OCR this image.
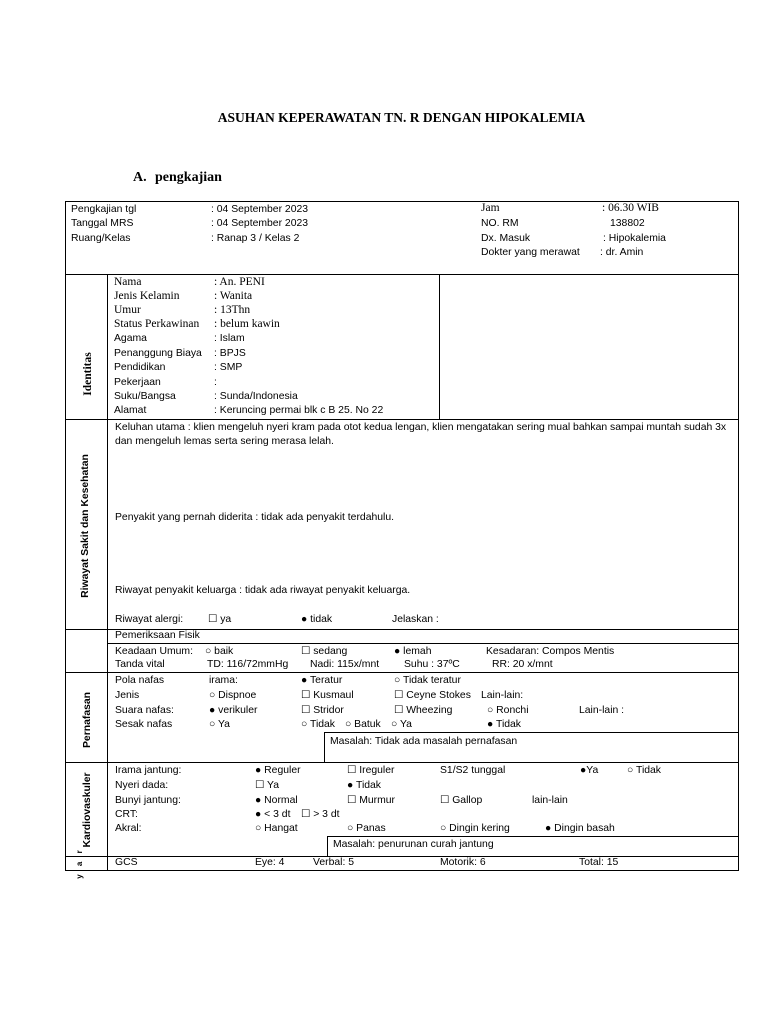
ASUHAN KEPERAWATAN TN. R DENGAN HIPOKALEMIA
A. pengkajian
Pengkajian tgl	: 04 September 2023
Tanggal MRS	: 04 September 2023
Ruang/Kelas	: Ranap 3 / Kelas 2
Jam	: 06.30 WIB
NO. RM	138802
Dx. Masuk	: Hipokalemia
Dokter yang merawat : dr. Amin
Identitas
Nama	: An. PENI
Jenis Kelamin	: Wanita
Umur	: 13Thn
Status Perkawinan : belum kawin
Agama	: Islam
Penanggung Biaya : BPJS
Pendidikan	: SMP
Pekerjaan	:
Suku/Bangsa	: Sunda/Indonesia
Alamat	: Keruncing permai blk c B 25. No 22
Riwayat Sakit dan Kesehatan
Keluhan utama : klien mengeluh nyeri kram pada otot kedua lengan, klien mengatakan sering mual bahkan sampai muntah sudah 3x dan mengeluh lemas serta sering merasa lelah.
Penyakit yang pernah diderita : tidak ada penyakit terdahulu.
Riwayat penyakit keluarga : tidak ada riwayat penyakit keluarga.
Riwayat alergi: ☐ ya	● tidak	Jelaskan :
Pemeriksaan Fisik
Keadaan Umum: ○ baik	☐ sedang	● lemah	Kesadaran: Compos Mentis
Tanda vital	TD: 116/72mmHg Nadi: 115x/mnt Suhu : 37ºC	RR: 20 x/mnt
Pernafasan
Pola nafas	irama:	● Teratur	○ Tidak teratur
Jenis	○ Dispnoe	☐ Kusmaul	☐ Ceyne Stokes Lain-lain:
Suara nafas:	● verikuler	☐ Stridor	☐ Wheezing	○ Ronchi	Lain-lain :
Sesak nafas	○ Ya	○ Tidak ○ Batuk ○ Ya	● Tidak
Masalah: Tidak ada masalah pernafasan
Kardiovaskuler
Irama jantung:	● Reguler	☐ Ireguler	S1/S2 tunggal	●Ya	○ Tidak
Nyeri dada:	☐ Ya	● Tidak
Bunyi jantung:	● Normal	☐ Murmur	☐ Gallop	lain-lain
CRT:	● < 3 dt ☐ > 3 dt
Akral:	○ Hangat	○ Panas	○ Dingin kering	● Dingin basah
Masalah: penurunan curah jantung
y a r	GCS	Eye: 4	Verbal: 5	Motorik: 6	Total: 15
